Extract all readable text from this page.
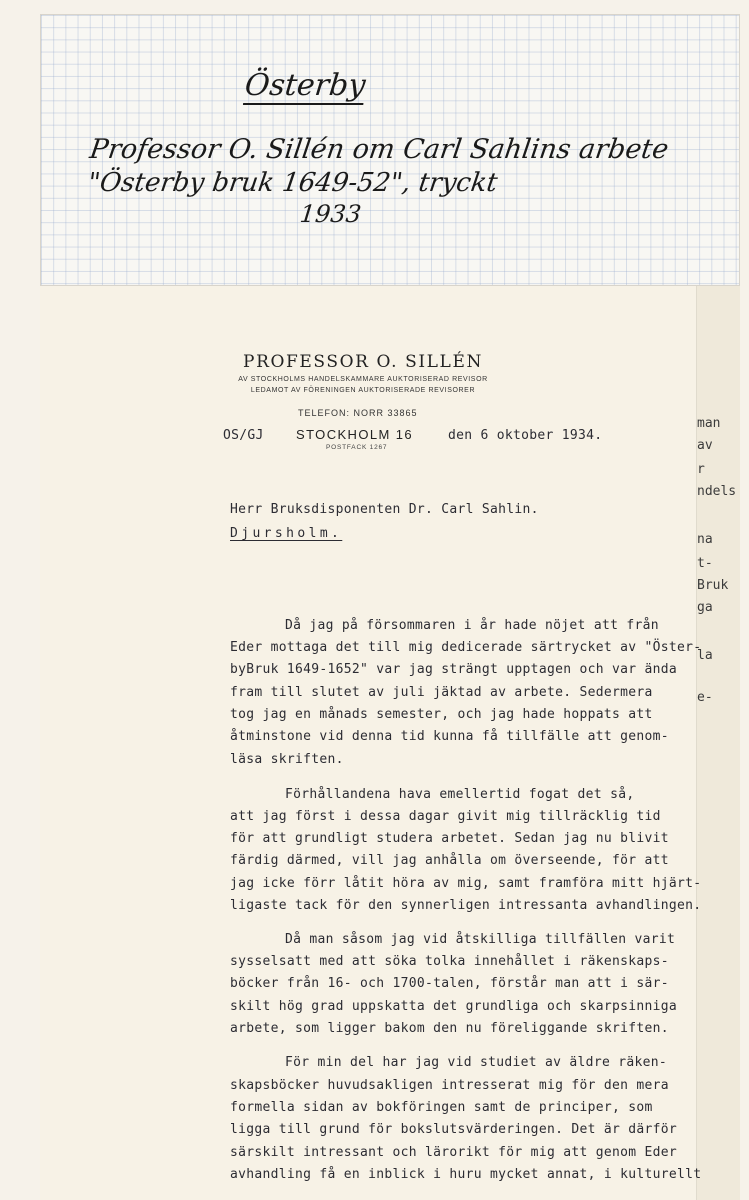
Österby
Professor O. Sillén om Carl Sahlins arbete
"Österby bruk 1649-52", tryckt
1933
man
av
r
ndels
na
t-
Bruk
ga
la
e-
PROFESSOR O. SILLÉN
AV STOCKHOLMS HANDELSKAMMARE AUKTORISERAD REVISOR
LEDAMOT AV FÖRENINGEN AUKTORISERADE REVISORER
TELEFON: NORR 33865
OS/GJ STOCKHOLM 16	den 6 oktober 1934.
POSTFACK 1267
Herr Bruksdisponenten Dr. Carl Sahlin.
Djursholm.
Då jag på försommaren i år hade nöjet att från
Eder mottaga det till mig dedicerade särtrycket av "Öster-
byBruk 1649-1652" var jag strängt upptagen och var ända
fram till slutet av juli jäktad av arbete. Sedermera
tog jag en månads semester, och jag hade hoppats att
åtminstone vid denna tid kunna få tillfälle att genom-
läsa skriften.
Förhållandena hava emellertid fogat det så,
att jag först i dessa dagar givit mig tillräcklig tid
för att grundligt studera arbetet. Sedan jag nu blivit
färdig därmed, vill jag anhålla om överseende, för att
jag icke förr låtit höra av mig, samt framföra mitt hjärt-
ligaste tack för den synnerligen intressanta avhandlingen.
Då man såsom jag vid åtskilliga tillfällen varit
sysselsatt med att söka tolka innehållet i räkenskaps-
böcker från 16- och 1700-talen, förstår man att i sär-
skilt hög grad uppskatta det grundliga och skarpsinniga
arbete, som ligger bakom den nu föreliggande skriften.
För min del har jag vid studiet av äldre räken-
skapsböcker huvudsakligen intresserat mig för den mera
formella sidan av bokföringen samt de principer, som
ligga till grund för bokslutsvärderingen. Det är därför
särskilt intressant och lärorikt för mig att genom Eder
avhandling få en inblick i huru mycket annat, i kulturellt
